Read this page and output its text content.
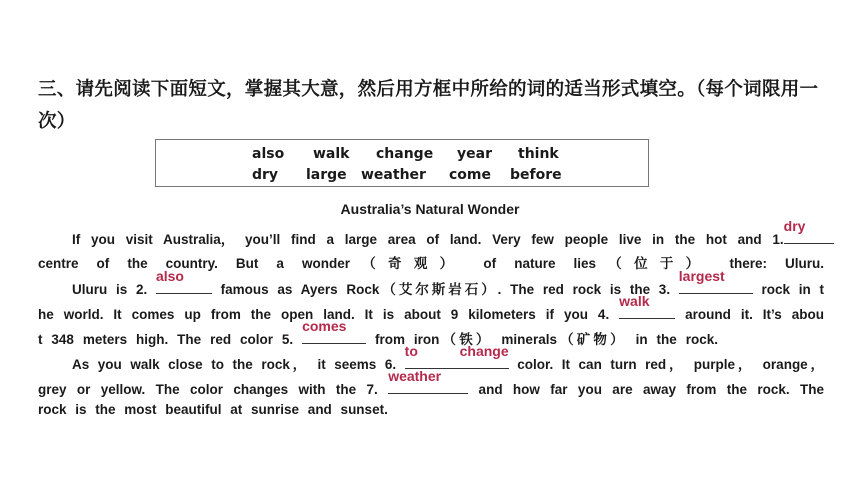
三、请先阅读下面短文，掌握其大意，然后用方框中所给的词的适当形式填空。（每个词限用一次）
also walk change year think
dry large weather come before
Australia’s Natural Wonder
If you visit Australia， you’ll find a large area of land. Very few people live in the hot and 1.
dry
centre of the country. But a wonder（奇观） of nature lies（位于） there: Uluru.
Uluru is 2.
also
famous as Ayers Rock（艾尔斯岩石）. The red rock is the 3.
largest
rock in t
he world. It comes up from the open land. It is about 9 kilometers if you 4.
walk
around it. It’s abou
t 348 meters high. The red color 5.
comes
from iron（铁） minerals（矿物） in the rock.
As you walk close to the rock， it seems 6.
to change
color. It can turn red， purple， orange，
grey or yellow. The color changes with the 7.
weather
and how far you are away from the rock. The
rock is the most beautiful at sunrise and sunset.
